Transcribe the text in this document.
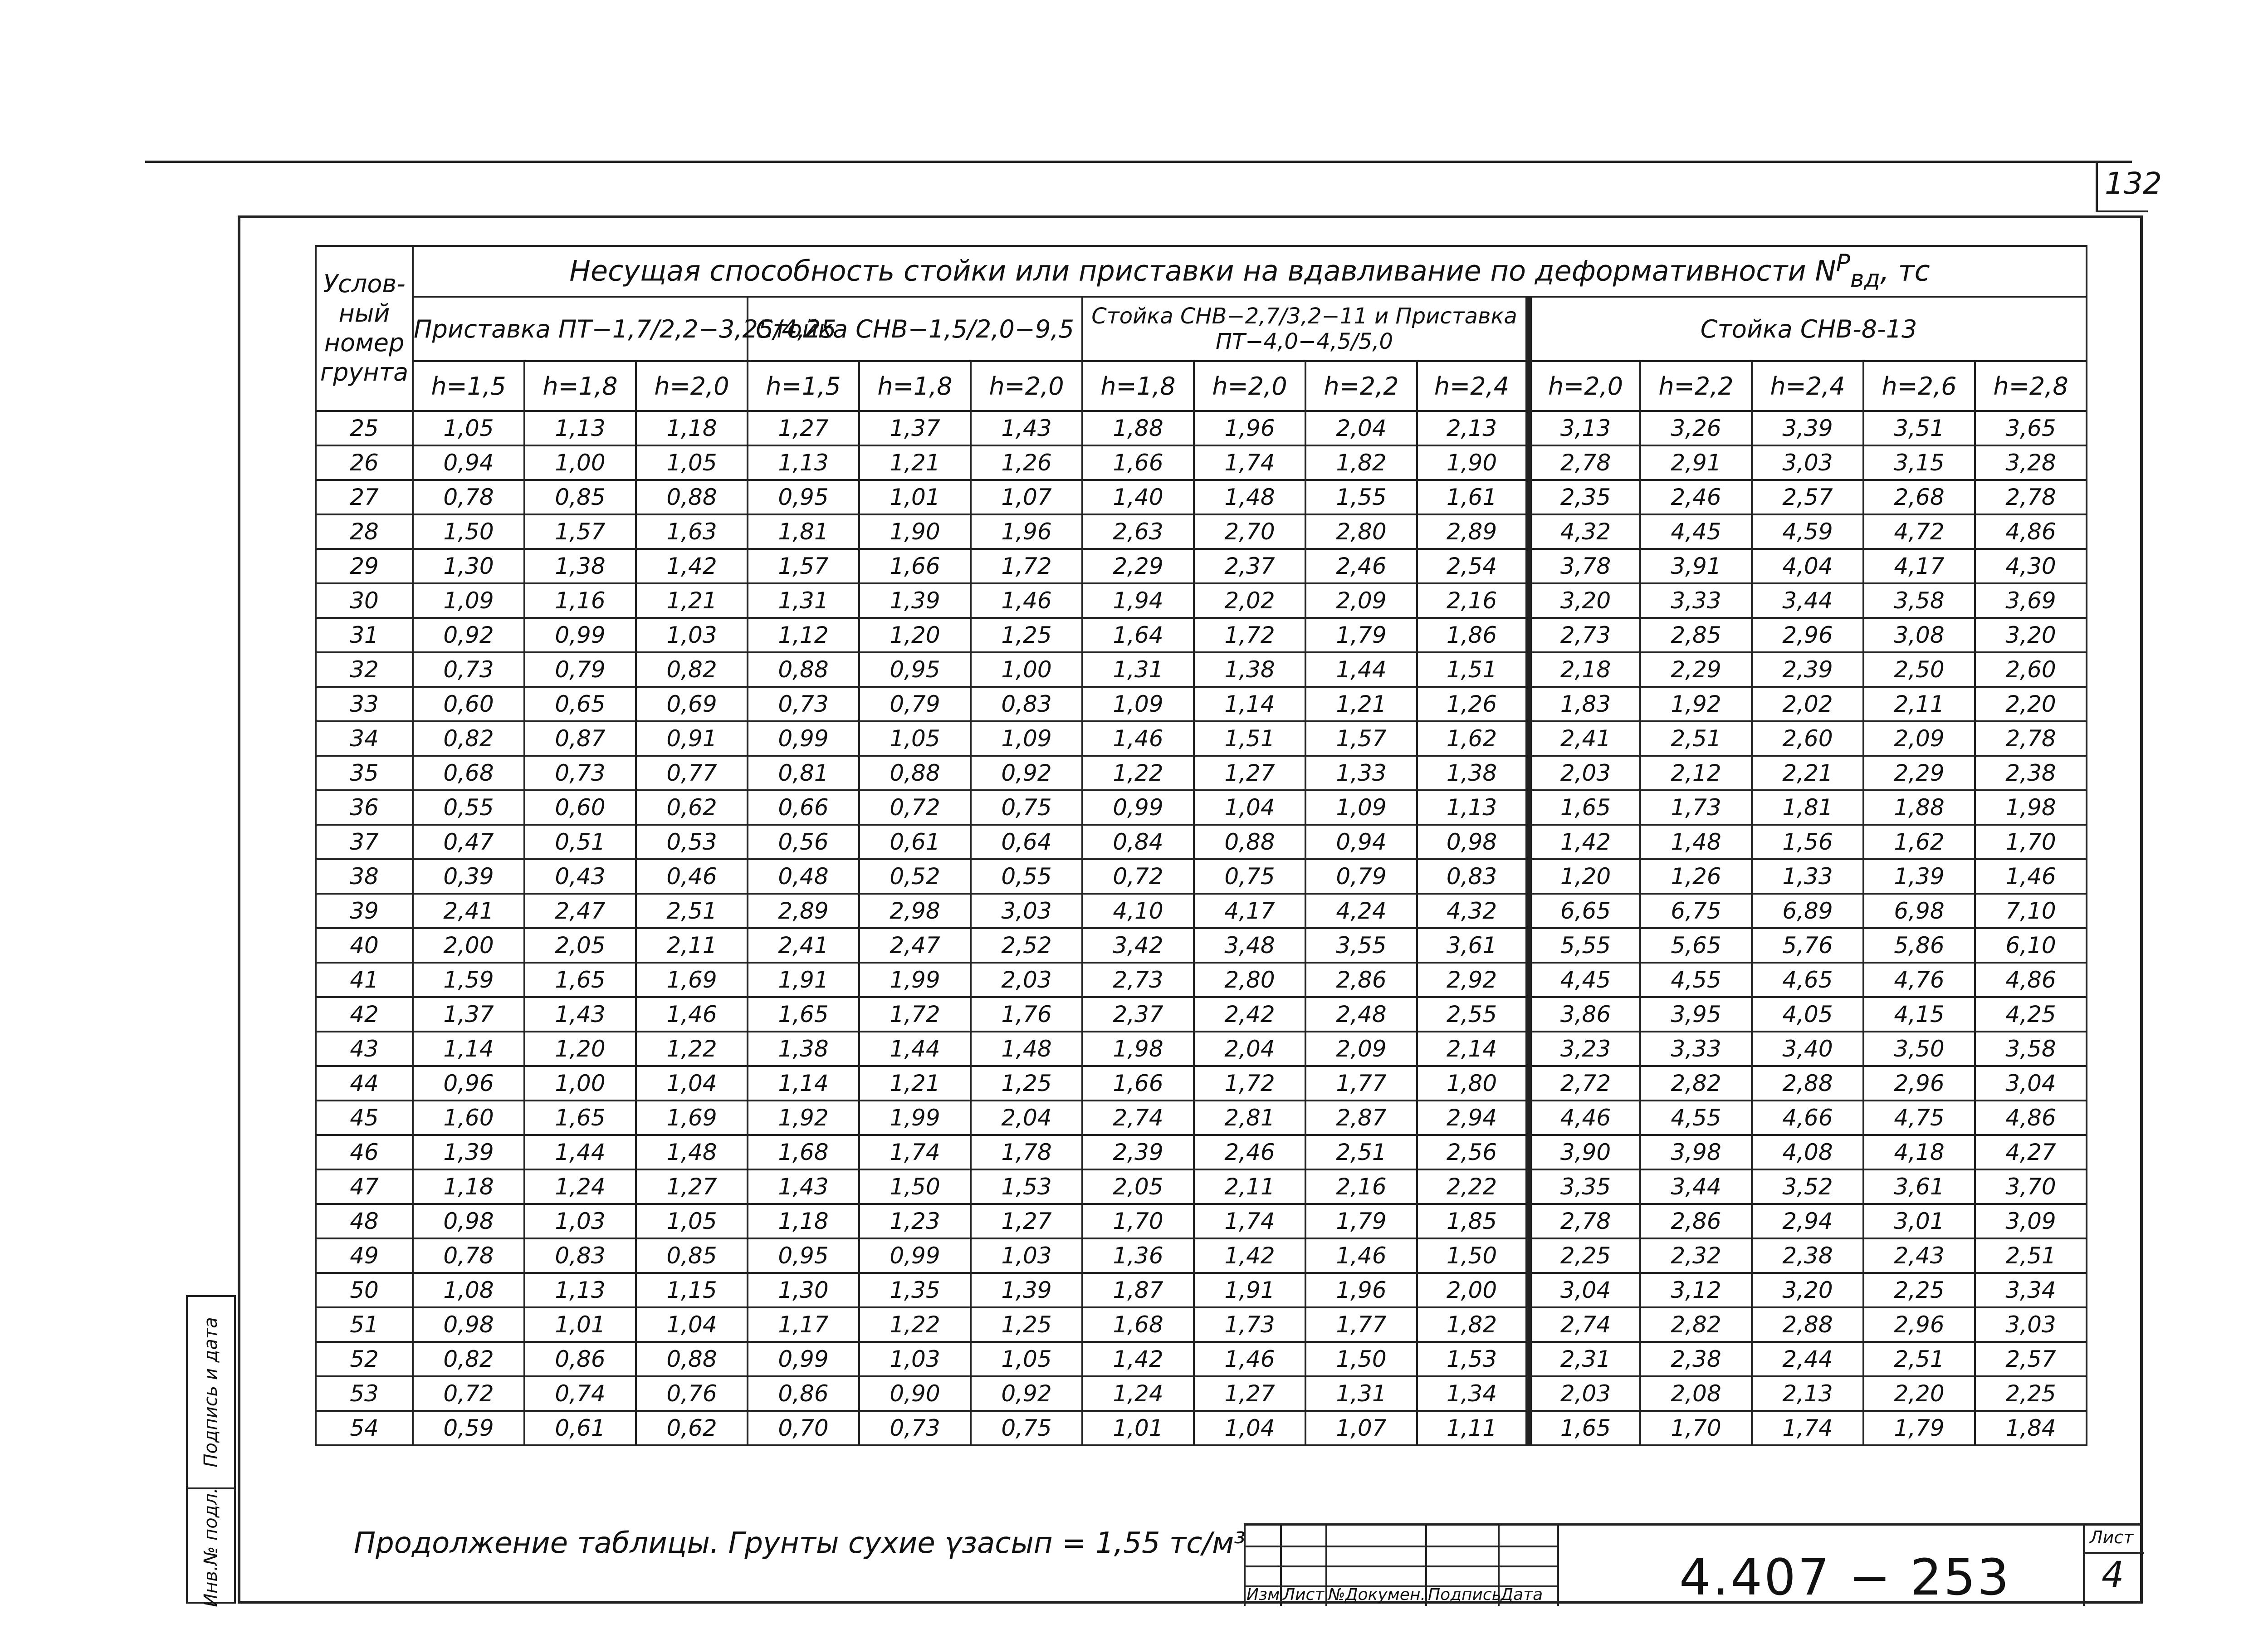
132
Услов-
ный
номер
грунта	Несущая способность стойки или приставки на вдавливание по деформативности $N^Р_{вд}$, тс														
	Приставка ПТ−1,7/2,2−3,25/4,25			Стойка СНВ−1,5/2,0−9,5			Стойка СНВ−2,7/3,2−11 и Приставка ПТ−4,0−4,5/5,0				Стойка СНВ-8-13				
	h=1,5	h=1,8	h=2,0	h=1,5	h=1,8	h=2,0	h=1,8	h=2,0	h=2,2	h=2,4	h=2,0	h=2,2	h=2,4	h=2,6	h=2,8
25	1,05	1,13	1,18	1,27	1,37	1,43	1,88	1,96	2,04	2,13	3,13	3,26	3,39	3,51	3,65
26	0,94	1,00	1,05	1,13	1,21	1,26	1,66	1,74	1,82	1,90	2,78	2,91	3,03	3,15	3,28
27	0,78	0,85	0,88	0,95	1,01	1,07	1,40	1,48	1,55	1,61	2,35	2,46	2,57	2,68	2,78
28	1,50	1,57	1,63	1,81	1,90	1,96	2,63	2,70	2,80	2,89	4,32	4,45	4,59	4,72	4,86
29	1,30	1,38	1,42	1,57	1,66	1,72	2,29	2,37	2,46	2,54	3,78	3,91	4,04	4,17	4,30
30	1,09	1,16	1,21	1,31	1,39	1,46	1,94	2,02	2,09	2,16	3,20	3,33	3,44	3,58	3,69
31	0,92	0,99	1,03	1,12	1,20	1,25	1,64	1,72	1,79	1,86	2,73	2,85	2,96	3,08	3,20
32	0,73	0,79	0,82	0,88	0,95	1,00	1,31	1,38	1,44	1,51	2,18	2,29	2,39	2,50	2,60
33	0,60	0,65	0,69	0,73	0,79	0,83	1,09	1,14	1,21	1,26	1,83	1,92	2,02	2,11	2,20
34	0,82	0,87	0,91	0,99	1,05	1,09	1,46	1,51	1,57	1,62	2,41	2,51	2,60	2,09	2,78
35	0,68	0,73	0,77	0,81	0,88	0,92	1,22	1,27	1,33	1,38	2,03	2,12	2,21	2,29	2,38
36	0,55	0,60	0,62	0,66	0,72	0,75	0,99	1,04	1,09	1,13	1,65	1,73	1,81	1,88	1,98
37	0,47	0,51	0,53	0,56	0,61	0,64	0,84	0,88	0,94	0,98	1,42	1,48	1,56	1,62	1,70
38	0,39	0,43	0,46	0,48	0,52	0,55	0,72	0,75	0,79	0,83	1,20	1,26	1,33	1,39	1,46
39	2,41	2,47	2,51	2,89	2,98	3,03	4,10	4,17	4,24	4,32	6,65	6,75	6,89	6,98	7,10
40	2,00	2,05	2,11	2,41	2,47	2,52	3,42	3,48	3,55	3,61	5,55	5,65	5,76	5,86	6,10
41	1,59	1,65	1,69	1,91	1,99	2,03	2,73	2,80	2,86	2,92	4,45	4,55	4,65	4,76	4,86
42	1,37	1,43	1,46	1,65	1,72	1,76	2,37	2,42	2,48	2,55	3,86	3,95	4,05	4,15	4,25
43	1,14	1,20	1,22	1,38	1,44	1,48	1,98	2,04	2,09	2,14	3,23	3,33	3,40	3,50	3,58
44	0,96	1,00	1,04	1,14	1,21	1,25	1,66	1,72	1,77	1,80	2,72	2,82	2,88	2,96	3,04
45	1,60	1,65	1,69	1,92	1,99	2,04	2,74	2,81	2,87	2,94	4,46	4,55	4,66	4,75	4,86
46	1,39	1,44	1,48	1,68	1,74	1,78	2,39	2,46	2,51	2,56	3,90	3,98	4,08	4,18	4,27
47	1,18	1,24	1,27	1,43	1,50	1,53	2,05	2,11	2,16	2,22	3,35	3,44	3,52	3,61	3,70
48	0,98	1,03	1,05	1,18	1,23	1,27	1,70	1,74	1,79	1,85	2,78	2,86	2,94	3,01	3,09
49	0,78	0,83	0,85	0,95	0,99	1,03	1,36	1,42	1,46	1,50	2,25	2,32	2,38	2,43	2,51
50	1,08	1,13	1,15	1,30	1,35	1,39	1,87	1,91	1,96	2,00	3,04	3,12	3,20	2,25	3,34
51	0,98	1,01	1,04	1,17	1,22	1,25	1,68	1,73	1,77	1,82	2,74	2,82	2,88	2,96	3,03
52	0,82	0,86	0,88	0,99	1,03	1,05	1,42	1,46	1,50	1,53	2,31	2,38	2,44	2,51	2,57
53	0,72	0,74	0,76	0,86	0,90	0,92	1,24	1,27	1,31	1,34	2,03	2,08	2,13	2,20	2,25
54	0,59	0,61	0,62	0,70	0,73	0,75	1,01	1,04	1,07	1,11	1,65	1,70	1,74	1,79	1,84
Подпись и дата
Инв.№ подл.	Продолжение таблицы. Грунты сухие γзасып = 1,55 тс/м³
Изм Лист №Докумен. Подпись
Дата	4.407 − 253
Лист
4
